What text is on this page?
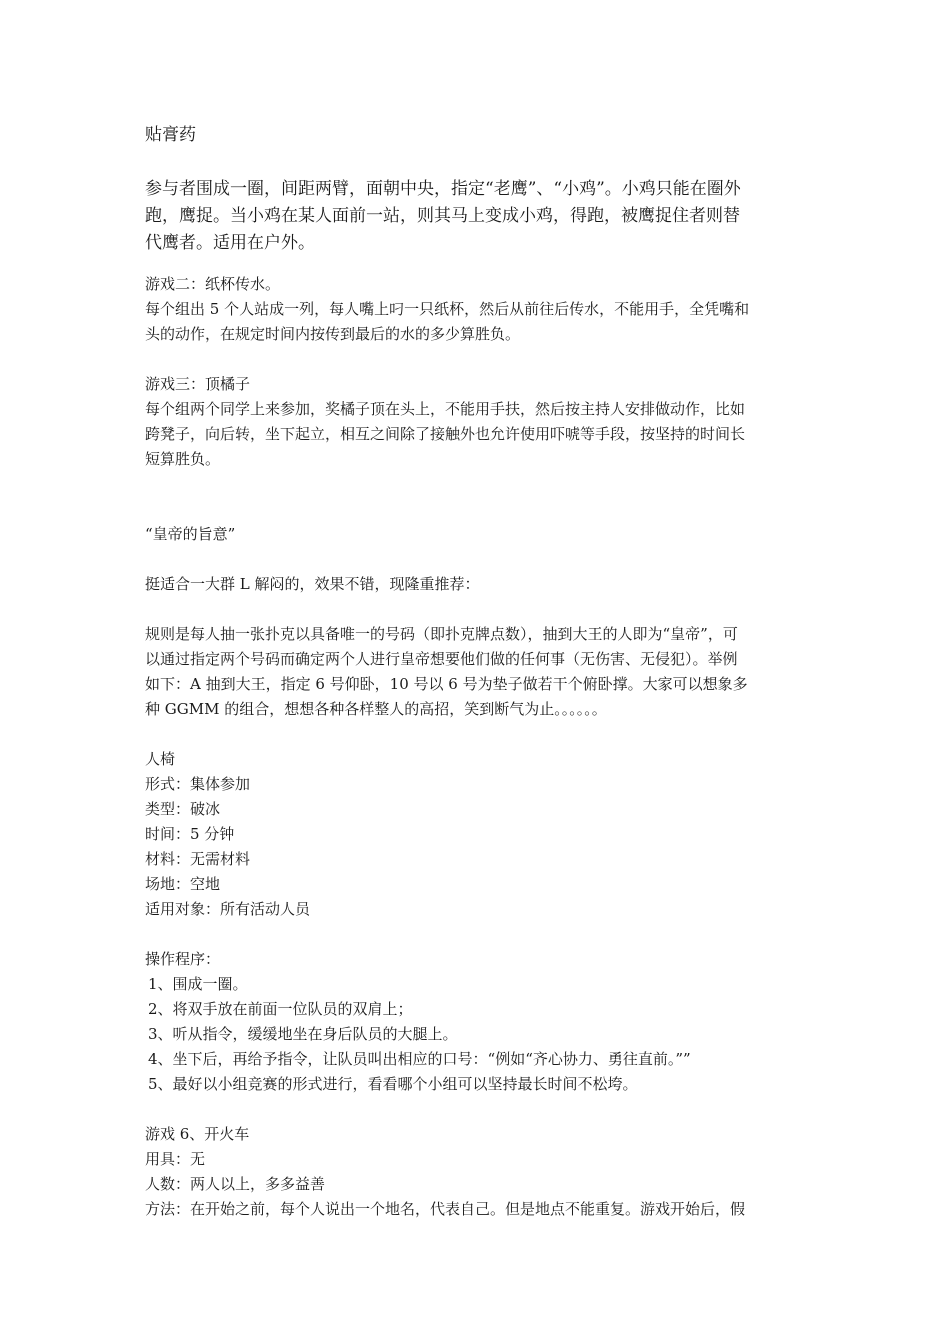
贴膏药
参与者围成一圈，间距两臂，面朝中央，指定“老鹰”、“小鸡”。小鸡只能在圈外
跑，鹰捉。当小鸡在某人面前一站，则其马上变成小鸡，得跑，被鹰捉住者则替
代鹰者。适用在户外。
游戏二：纸杯传水。
每个组出 5 个人站成一列，每人嘴上叼一只纸杯，然后从前往后传水，不能用手，全凭嘴和
头的动作，在规定时间内按传到最后的水的多少算胜负。
游戏三：顶橘子
每个组两个同学上来参加，奖橘子顶在头上，不能用手扶，然后按主持人安排做动作，比如
跨凳子，向后转，坐下起立，相互之间除了接触外也允许使用吓唬等手段，按坚持的时间长
短算胜负。
“皇帝的旨意”
挺适合一大群 L 解闷的，效果不错，现隆重推荐：
规则是每人抽一张扑克以具备唯一的号码（即扑克牌点数），抽到大王的人即为“皇帝”，可
以通过指定两个号码而确定两个人进行皇帝想要他们做的任何事（无伤害、无侵犯）。举例
如下：A 抽到大王，指定 6 号仰卧，10 号以 6 号为垫子做若干个俯卧撑。大家可以想象多
种 GGMM 的组合，想想各种各样整人的高招，笑到断气为止。。。。。。
人椅
形式：集体参加
类型：破冰
时间：5 分钟
材料：无需材料
场地：空地
适用对象：所有活动人员
操作程序：
1、围成一圈。
2、将双手放在前面一位队员的双肩上；
3、听从指令，缓缓地坐在身后队员的大腿上。
4、坐下后，再给予指令，让队员叫出相应的口号：“例如“齐心协力、勇往直前。””
5、最好以小组竞赛的形式进行，看看哪个小组可以坚持最长时间不松垮。
游戏 6、开火车
用具：无
人数：两人以上，多多益善
方法：在开始之前，每个人说出一个地名，代表自己。但是地点不能重复。游戏开始后，假
